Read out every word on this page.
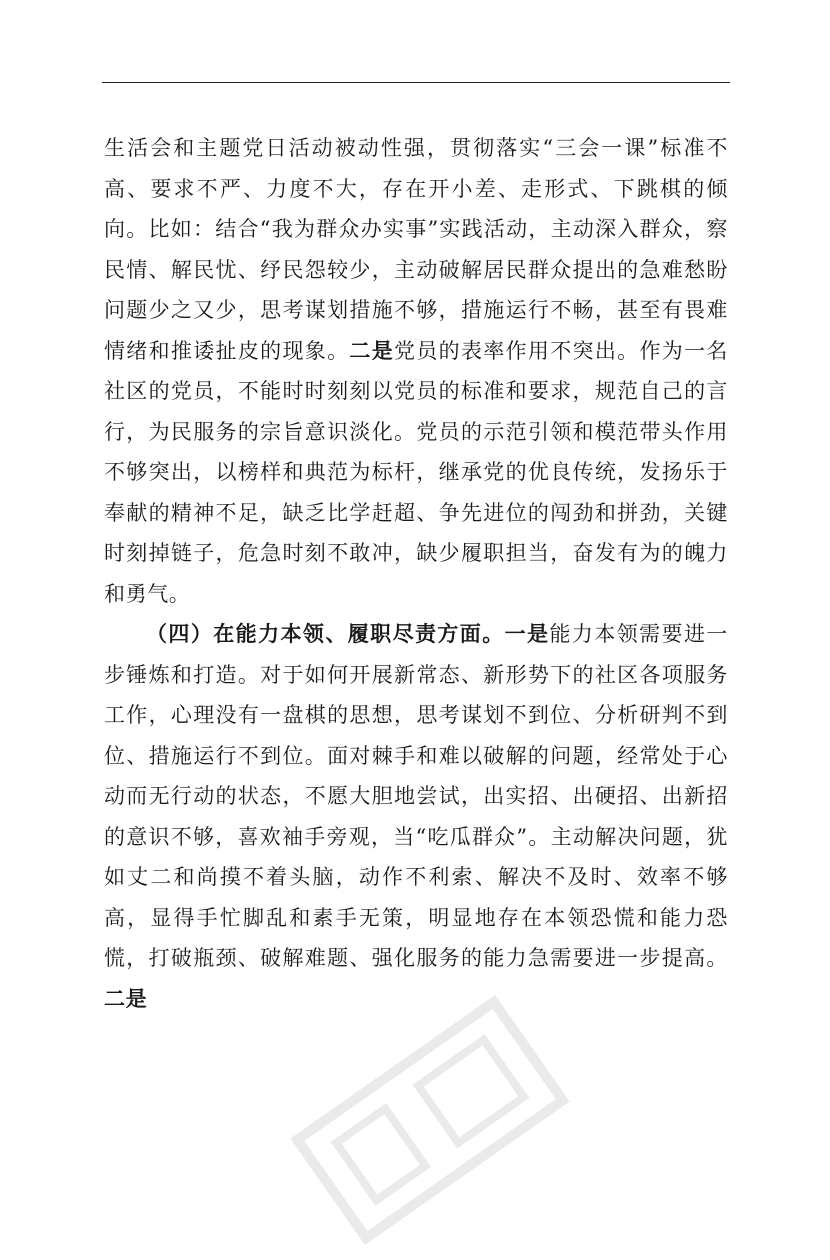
生活会和主题党日活动被动性强，贯彻落实“三会一课”标准不高、要求不严、力度不大，存在开小差、走形式、下跳棋的倾向。比如：结合“我为群众办实事”实践活动，主动深入群众，察民情、解民忧、纾民怨较少，主动破解居民群众提出的急难愁盼问题少之又少，思考谋划措施不够，措施运行不畅，甚至有畏难情绪和推诿扯皮的现象。二是党员的表率作用不突出。作为一名社区的党员，不能时时刻刻以党员的标准和要求，规范自己的言行，为民服务的宗旨意识淡化。党员的示范引领和模范带头作用不够突出，以榜样和典范为标杆，继承党的优良传统，发扬乐于奉献的精神不足，缺乏比学赶超、争先进位的闯劲和拼劲，关键时刻掉链子，危急时刻不敢冲，缺少履职担当，奋发有为的魄力和勇气。

（四）在能力本领、履职尽责方面。一是能力本领需要进一步锤炼和打造。对于如何开展新常态、新形势下的社区各项服务工作，心理没有一盘棋的思想，思考谋划不到位、分析研判不到位、措施运行不到位。面对棘手和难以破解的问题，经常处于心动而无行动的状态，不愿大胆地尝试，出实招、出硬招、出新招的意识不够，喜欢袖手旁观，当“吃瓜群众”。主动解决问题，犹如丈二和尚摸不着头脑，动作不利索、解决不及时、效率不够高，显得手忙脚乱和素手无策，明显地存在本领恐慌和能力恐慌，打破瓶颈、破解难题、强化服务的能力急需要进一步提高。二是
